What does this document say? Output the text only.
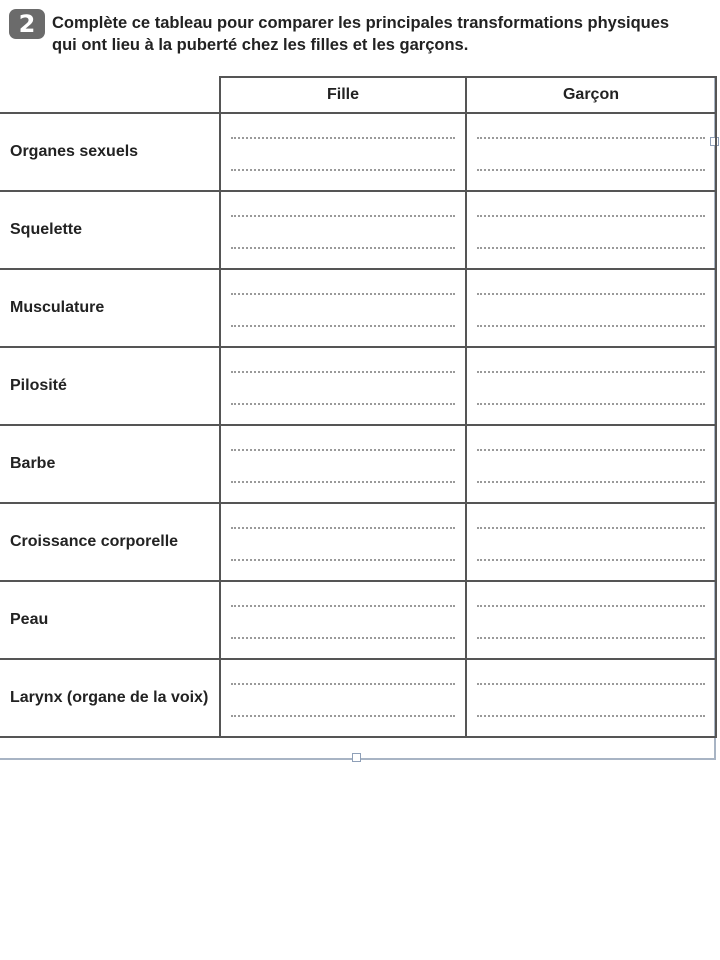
2	Complète ce tableau pour comparer les principales transformations physiques
qui ont lieu à la puberté chez les filles et les garçons.
	Fille	Garçon
Organes sexuels	

Squelette	

Musculature	

Pilosité	

Barbe	

Croissance corporelle	

Peau	

Larynx (organe de la voix)	
